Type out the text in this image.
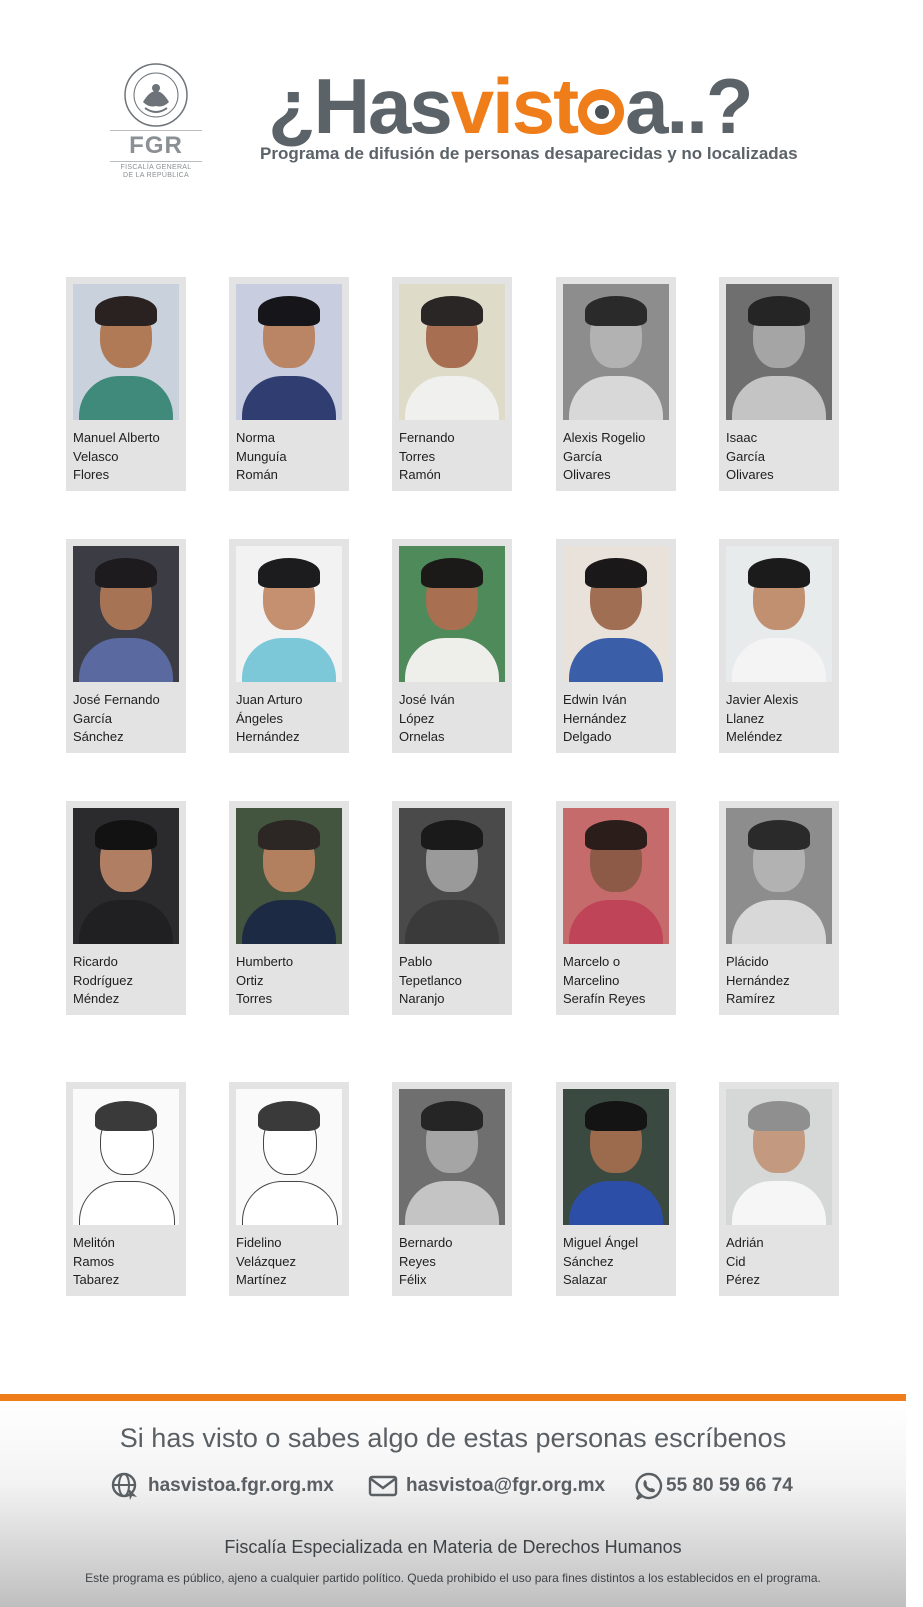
FGR
FISCALÍA GENERAL
DE LA REPÚBLICA
¿Hasvist a..?
Programa de difusión de personas desaparecidas y no localizadas
Manuel Alberto
Velasco
Flores
Norma
Munguía
Román
Fernando
Torres
Ramón
Alexis Rogelio
García
Olivares
Isaac
García
Olivares
José Fernando
García
Sánchez
Juan Arturo
Ángeles
Hernández
José Iván
López
Ornelas
Edwin Iván
Hernández
Delgado
Javier Alexis
Llanez
Meléndez
Ricardo
Rodríguez
Méndez
Humberto
Ortiz
Torres
Pablo
Tepetlanco
Naranjo
Marcelo o
Marcelino
Serafín Reyes
Plácido
Hernández
Ramírez
Melitón
Ramos
Tabarez
Fidelino
Velázquez
Martínez
Bernardo
Reyes
Félix
Miguel Ángel
Sánchez
Salazar
Adrián
Cid
Pérez
Si has visto o sabes algo de estas personas escríbenos
hasvistoa.fgr.org.mx	hasvistoa@fgr.org.mx	55 80 59 66 74
Fiscalía Especializada en Materia de Derechos Humanos
Este programa es público, ajeno a cualquier partido político. Queda prohibido el uso para fines distintos a los establecidos en el programa.
